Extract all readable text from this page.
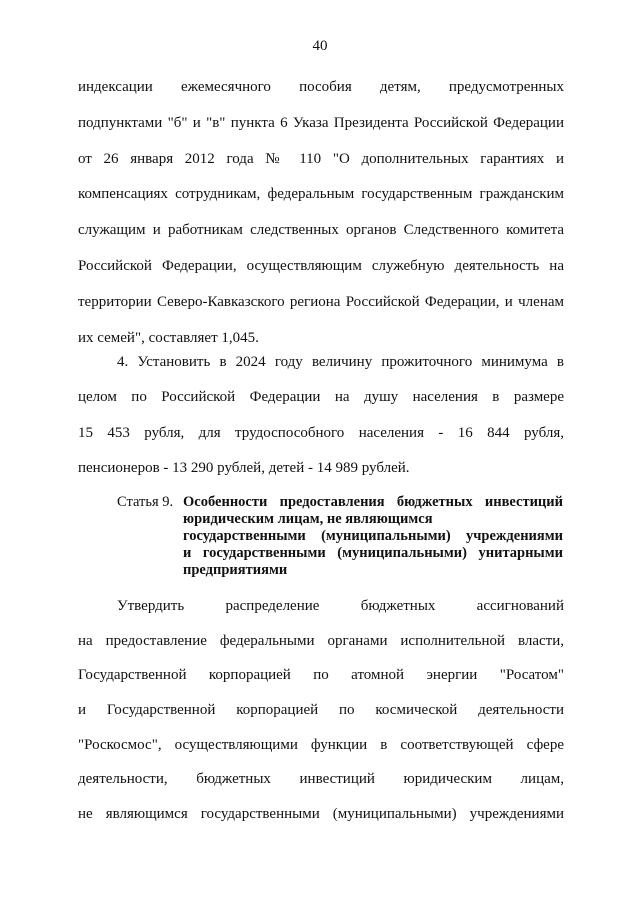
40
индексации ежемесячного пособия детям, предусмотренных
подпунктами "б" и "в" пункта 6 Указа Президента Российской Федерации
от 26 января 2012 года № 110 "О дополнительных гарантиях и
компенсациях сотрудникам, федеральным государственным гражданским
служащим и работникам следственных органов Следственного комитета
Российской Федерации, осуществляющим служебную деятельность на
территории Северо-Кавказского региона Российской Федерации, и членам
их семей", составляет 1,045.
4. Установить в 2024 году величину прожиточного минимума в
целом по Российской Федерации на душу населения в размере
15 453 рубля, для трудоспособного населения - 16 844 рубля,
пенсионеров - 13 290 рублей, детей - 14 989 рублей.
Статья 9. Особенности предоставления бюджетных инвестиций
юридическим лицам, не являющимся
государственными (муниципальными) учреждениями
и государственными (муниципальными) унитарными
предприятиями
Утвердить распределение бюджетных ассигнований
на предоставление федеральными органами исполнительной власти,
Государственной корпорацией по атомной энергии "Росатом"
и Государственной корпорацией по космической деятельности
"Роскосмос", осуществляющими функции в соответствующей сфере
деятельности, бюджетных инвестиций юридическим лицам,
не являющимся государственными (муниципальными) учреждениями
